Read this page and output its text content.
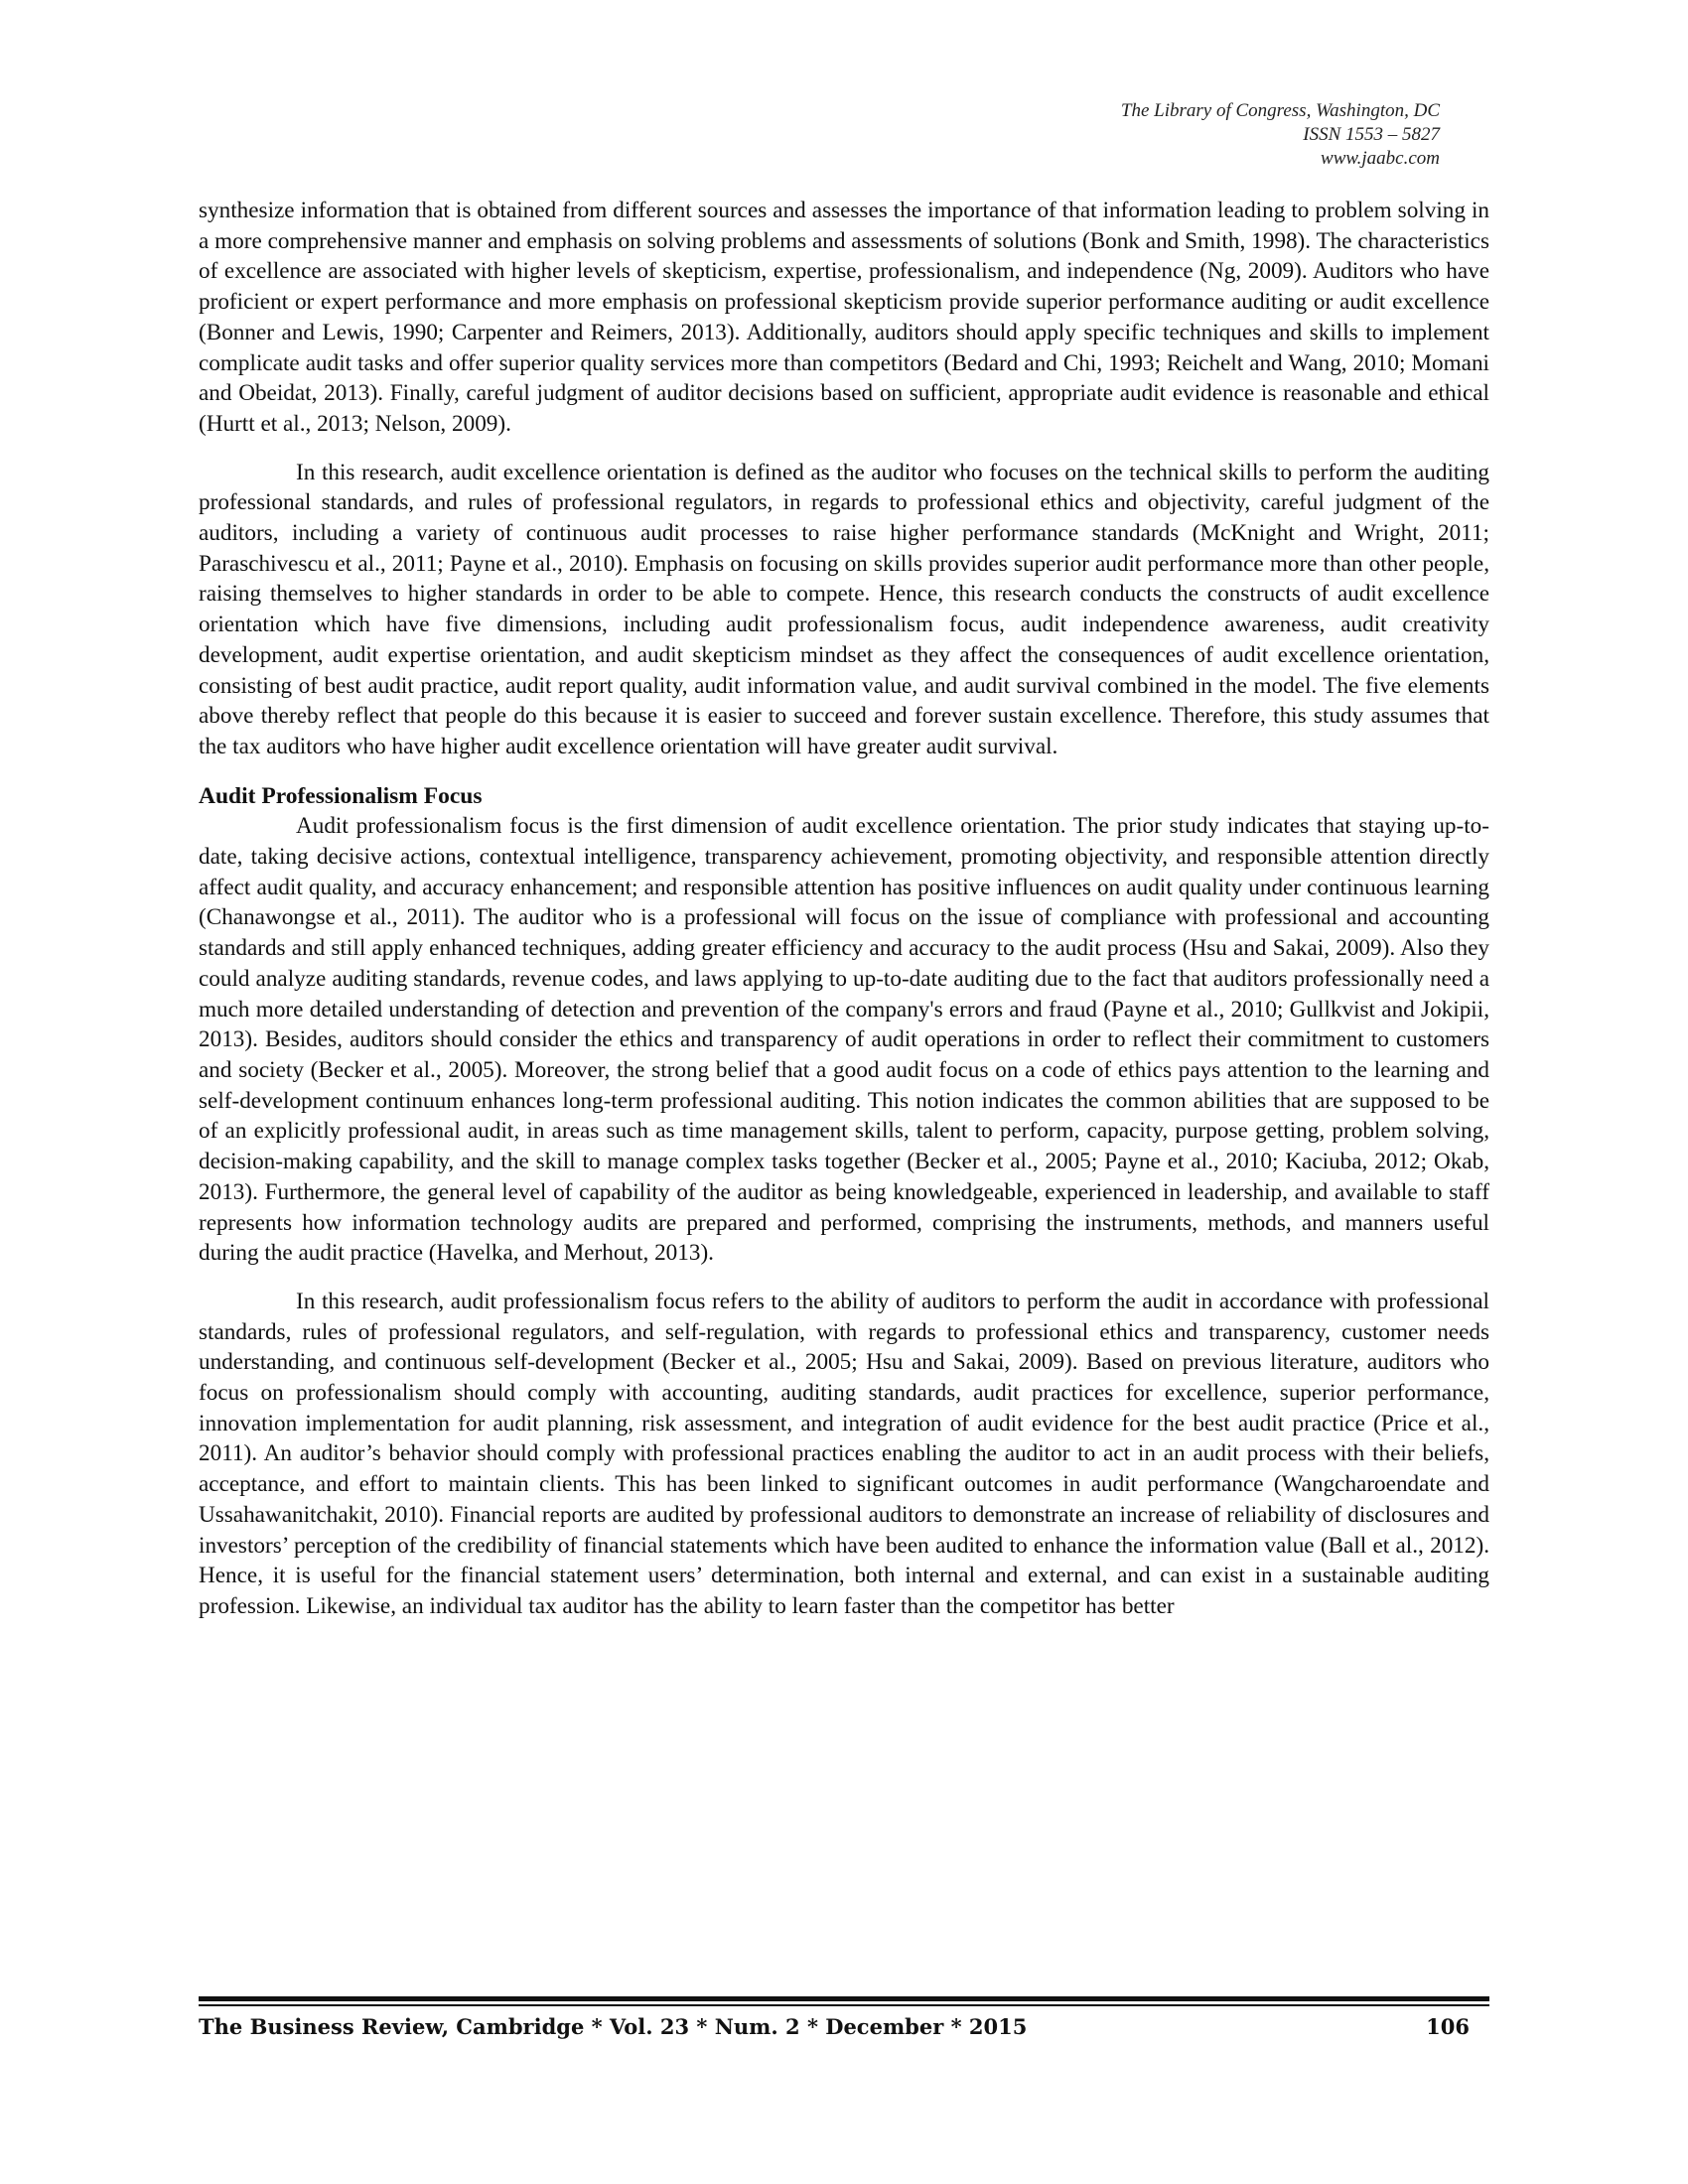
The Library of Congress, Washington, DC
ISSN 1553 – 5827
www.jaabc.com

synthesize information that is obtained from different sources and assesses the importance of that information leading to problem solving in a more comprehensive manner and emphasis on solving problems and assessments of solutions (Bonk and Smith, 1998). The characteristics of excellence are associated with higher levels of skepticism, expertise, professionalism, and independence (Ng, 2009). Auditors who have proficient or expert performance and more emphasis on professional skepticism provide superior performance auditing or audit excellence (Bonner and Lewis, 1990; Carpenter and Reimers, 2013). Additionally, auditors should apply specific techniques and skills to implement complicate audit tasks and offer superior quality services more than competitors (Bedard and Chi, 1993; Reichelt and Wang, 2010; Momani and Obeidat, 2013). Finally, careful judgment of auditor decisions based on sufficient, appropriate audit evidence is reasonable and ethical (Hurtt et al., 2013; Nelson, 2009).

In this research, audit excellence orientation is defined as the auditor who focuses on the technical skills to perform the auditing professional standards, and rules of professional regulators, in regards to professional ethics and objectivity, careful judgment of the auditors, including a variety of continuous audit processes to raise higher performance standards (McKnight and Wright, 2011; Paraschivescu et al., 2011; Payne et al., 2010). Emphasis on focusing on skills provides superior audit performance more than other people, raising themselves to higher standards in order to be able to compete. Hence, this research conducts the constructs of audit excellence orientation which have five dimensions, including audit professionalism focus, audit independence awareness, audit creativity development, audit expertise orientation, and audit skepticism mindset as they affect the consequences of audit excellence orientation, consisting of best audit practice, audit report quality, audit information value, and audit survival combined in the model. The five elements above thereby reflect that people do this because it is easier to succeed and forever sustain excellence. Therefore, this study assumes that the tax auditors who have higher audit excellence orientation will have greater audit survival.

Audit Professionalism Focus

Audit professionalism focus is the first dimension of audit excellence orientation. The prior study indicates that staying up-to-date, taking decisive actions, contextual intelligence, transparency achievement, promoting objectivity, and responsible attention directly affect audit quality, and accuracy enhancement; and responsible attention has positive influences on audit quality under continuous learning (Chanawongse et al., 2011). The auditor who is a professional will focus on the issue of compliance with professional and accounting standards and still apply enhanced techniques, adding greater efficiency and accuracy to the audit process (Hsu and Sakai, 2009). Also they could analyze auditing standards, revenue codes, and laws applying to up-to-date auditing due to the fact that auditors professionally need a much more detailed understanding of detection and prevention of the company's errors and fraud (Payne et al., 2010; Gullkvist and Jokipii, 2013). Besides, auditors should consider the ethics and transparency of audit operations in order to reflect their commitment to customers and society (Becker et al., 2005). Moreover, the strong belief that a good audit focus on a code of ethics pays attention to the learning and self-development continuum enhances long-term professional auditing. This notion indicates the common abilities that are supposed to be of an explicitly professional audit, in areas such as time management skills, talent to perform, capacity, purpose getting, problem solving, decision-making capability, and the skill to manage complex tasks together (Becker et al., 2005; Payne et al., 2010; Kaciuba, 2012; Okab, 2013). Furthermore, the general level of capability of the auditor as being knowledgeable, experienced in leadership, and available to staff represents how information technology audits are prepared and performed, comprising the instruments, methods, and manners useful during the audit practice (Havelka, and Merhout, 2013).

In this research, audit professionalism focus refers to the ability of auditors to perform the audit in accordance with professional standards, rules of professional regulators, and self-regulation, with regards to professional ethics and transparency, customer needs understanding, and continuous self-development (Becker et al., 2005; Hsu and Sakai, 2009). Based on previous literature, auditors who focus on professionalism should comply with accounting, auditing standards, audit practices for excellence, superior performance, innovation implementation for audit planning, risk assessment, and integration of audit evidence for the best audit practice (Price et al., 2011). An auditor’s behavior should comply with professional practices enabling the auditor to act in an audit process with their beliefs, acceptance, and effort to maintain clients. This has been linked to significant outcomes in audit performance (Wangcharoendate and Ussahawanitchakit, 2010). Financial reports are audited by professional auditors to demonstrate an increase of reliability of disclosures and investors’ perception of the credibility of financial statements which have been audited to enhance the information value (Ball et al., 2012). Hence, it is useful for the financial statement users’ determination, both internal and external, and can exist in a sustainable auditing profession. Likewise, an individual tax auditor has the ability to learn faster than the competitor has better

The Business Review, Cambridge * Vol. 23 * Num. 2 * December * 2015	106
